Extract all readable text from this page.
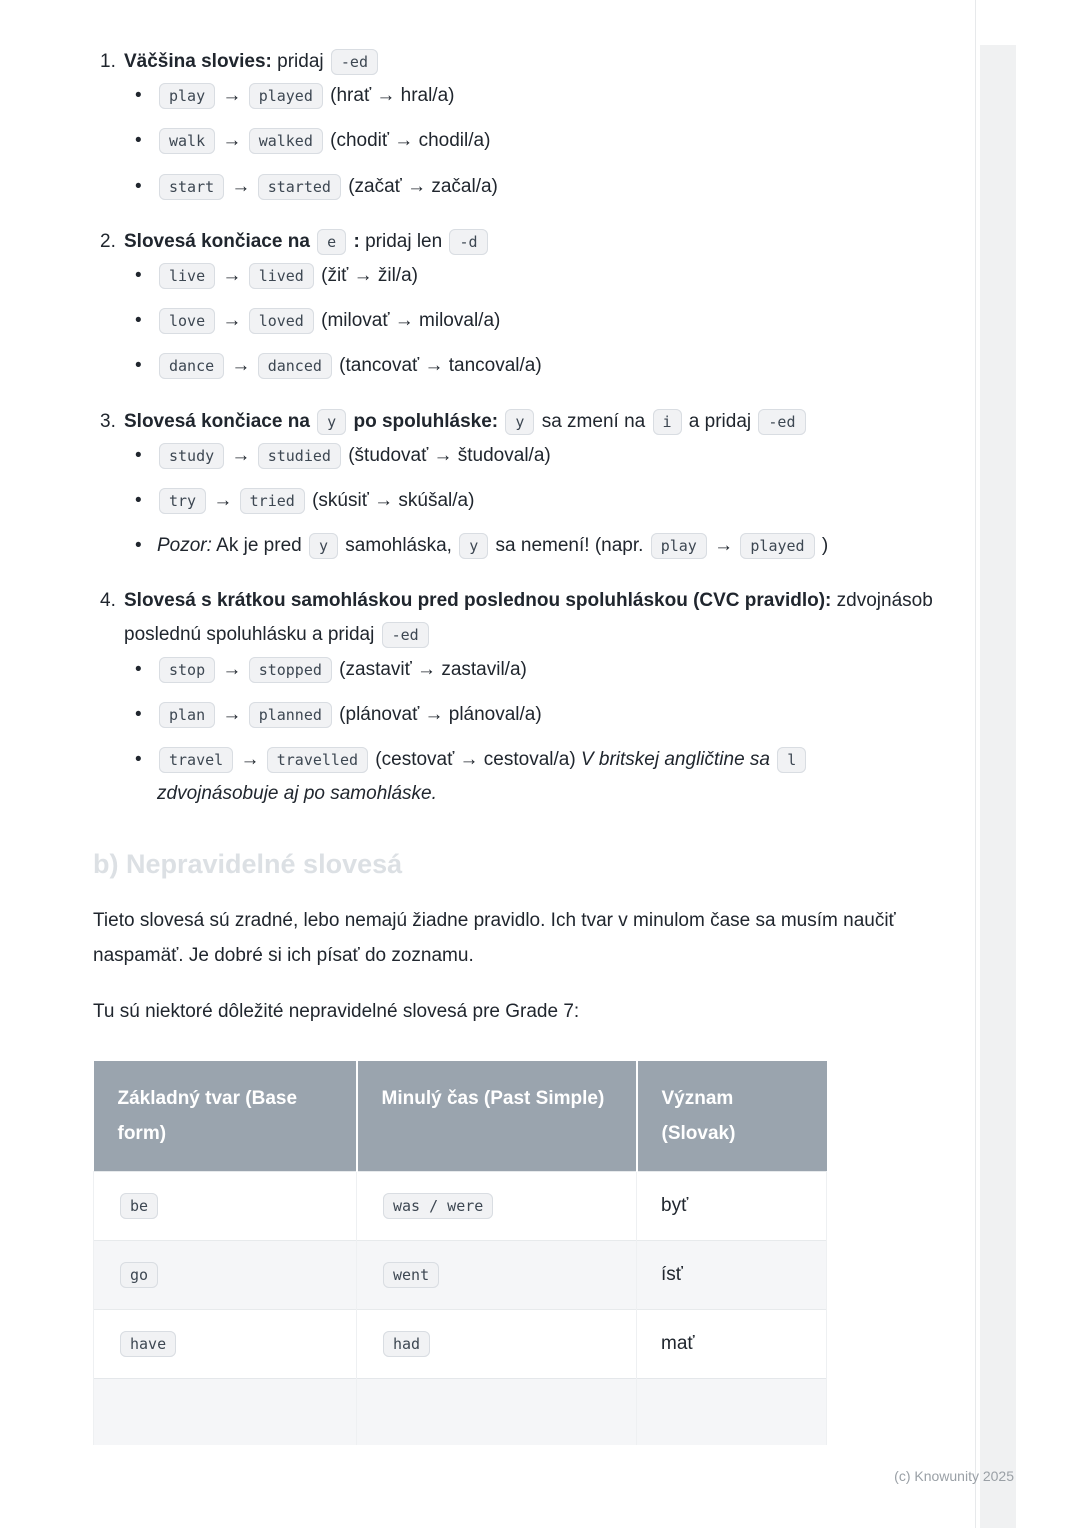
1. Väčšina slovies: pridaj -ed
• play → played (hrať → hral/a)
• walk → walked (chodiť → chodil/a)
• start → started (začať → začal/a)
2. Slovesá končiace na e : pridaj len -d
• live → lived (žiť → žil/a)
• love → loved (milovať → miloval/a)
• dance → danced (tancovať → tancoval/a)
3. Slovesá končiace na y po spoluhláske: y sa zmení na i a pridaj -ed
• study → studied (študovať → študoval/a)
• try → tried (skúsiť → skúšal/a)
• Pozor: Ak je pred y samohláska, y sa nemení! (napr. play → played )
4. Slovesá s krátkou samohláskou pred poslednou spoluhláskou (CVC pravidlo): zdvojnásob poslednú spoluhlásku a pridaj -ed
• stop → stopped (zastaviť → zastavil/a)
• plan → planned (plánovať → plánoval/a)
• travel → travelled (cestovať → cestoval/a) V britskej angličtine sa l zdvojnásobuje aj po samohláske.
b) Nepravidelné slovesá

Tieto slovesá sú zradné, lebo nemajú žiadne pravidlo. Ich tvar v minulom čase sa musím naučiť naspamäť. Je dobré si ich písať do zoznamu.

Tu sú niektoré dôležité nepravidelné slovesá pre Grade 7:

Základný tvar (Base form)	Minulý čas (Past Simple)	Význam (Slovak)
be	was / were	byť
go	went	ísť
have	had	mať

(c) Knowunity 2025
